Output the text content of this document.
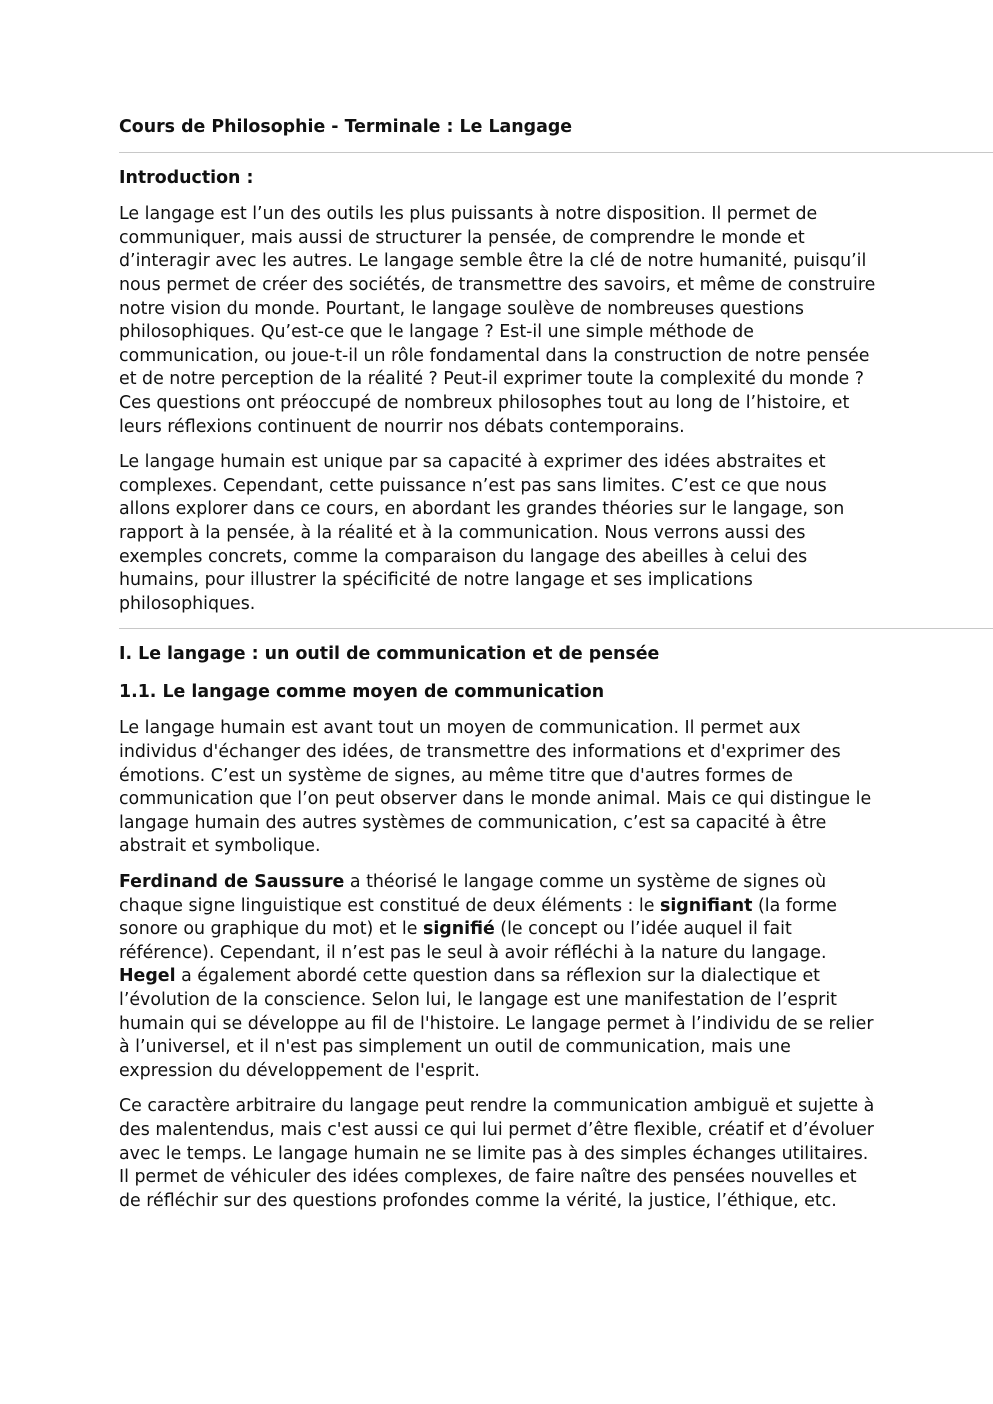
Cours de Philosophie - Terminale : Le Langage
Introduction :

Le langage est l’un des outils les plus puissants à notre disposition. Il permet de communiquer, mais aussi de structurer la pensée, de comprendre le monde et d’interagir avec les autres. Le langage semble être la clé de notre humanité, puisqu’il nous permet de créer des sociétés, de transmettre des savoirs, et même de construire notre vision du monde. Pourtant, le langage soulève de nombreuses questions philosophiques. Qu’est-ce que le langage ? Est-il une simple méthode de communication, ou joue-t-il un rôle fondamental dans la construction de notre pensée et de notre perception de la réalité ? Peut-il exprimer toute la complexité du monde ? Ces questions ont préoccupé de nombreux philosophes tout au long de l’histoire, et leurs réflexions continuent de nourrir nos débats contemporains.

Le langage humain est unique par sa capacité à exprimer des idées abstraites et complexes. Cependant, cette puissance n’est pas sans limites. C’est ce que nous allons explorer dans ce cours, en abordant les grandes théories sur le langage, son rapport à la pensée, à la réalité et à la communication. Nous verrons aussi des exemples concrets, comme la comparaison du langage des abeilles à celui des humains, pour illustrer la spécificité de notre langage et ses implications philosophiques.

I. Le langage : un outil de communication et de pensée
1.1. Le langage comme moyen de communication

Le langage humain est avant tout un moyen de communication. Il permet aux individus d'échanger des idées, de transmettre des informations et d'exprimer des émotions. C’est un système de signes, au même titre que d'autres formes de communication que l’on peut observer dans le monde animal. Mais ce qui distingue le langage humain des autres systèmes de communication, c’est sa capacité à être abstrait et symbolique.

Ferdinand de Saussure a théorisé le langage comme un système de signes où chaque signe linguistique est constitué de deux éléments : le signifiant (la forme sonore ou graphique du mot) et le signifié (le concept ou l’idée auquel il fait référence). Cependant, il n’est pas le seul à avoir réfléchi à la nature du langage. Hegel a également abordé cette question dans sa réflexion sur la dialectique et l’évolution de la conscience. Selon lui, le langage est une manifestation de l’esprit humain qui se développe au fil de l'histoire. Le langage permet à l’individu de se relier à l’universel, et il n'est pas simplement un outil de communication, mais une expression du développement de l'esprit.

Ce caractère arbitraire du langage peut rendre la communication ambiguë et sujette à des malentendus, mais c'est aussi ce qui lui permet d’être flexible, créatif et d’évoluer avec le temps. Le langage humain ne se limite pas à des simples échanges utilitaires. Il permet de véhiculer des idées complexes, de faire naître des pensées nouvelles et de réfléchir sur des questions profondes comme la vérité, la justice, l’éthique, etc.
